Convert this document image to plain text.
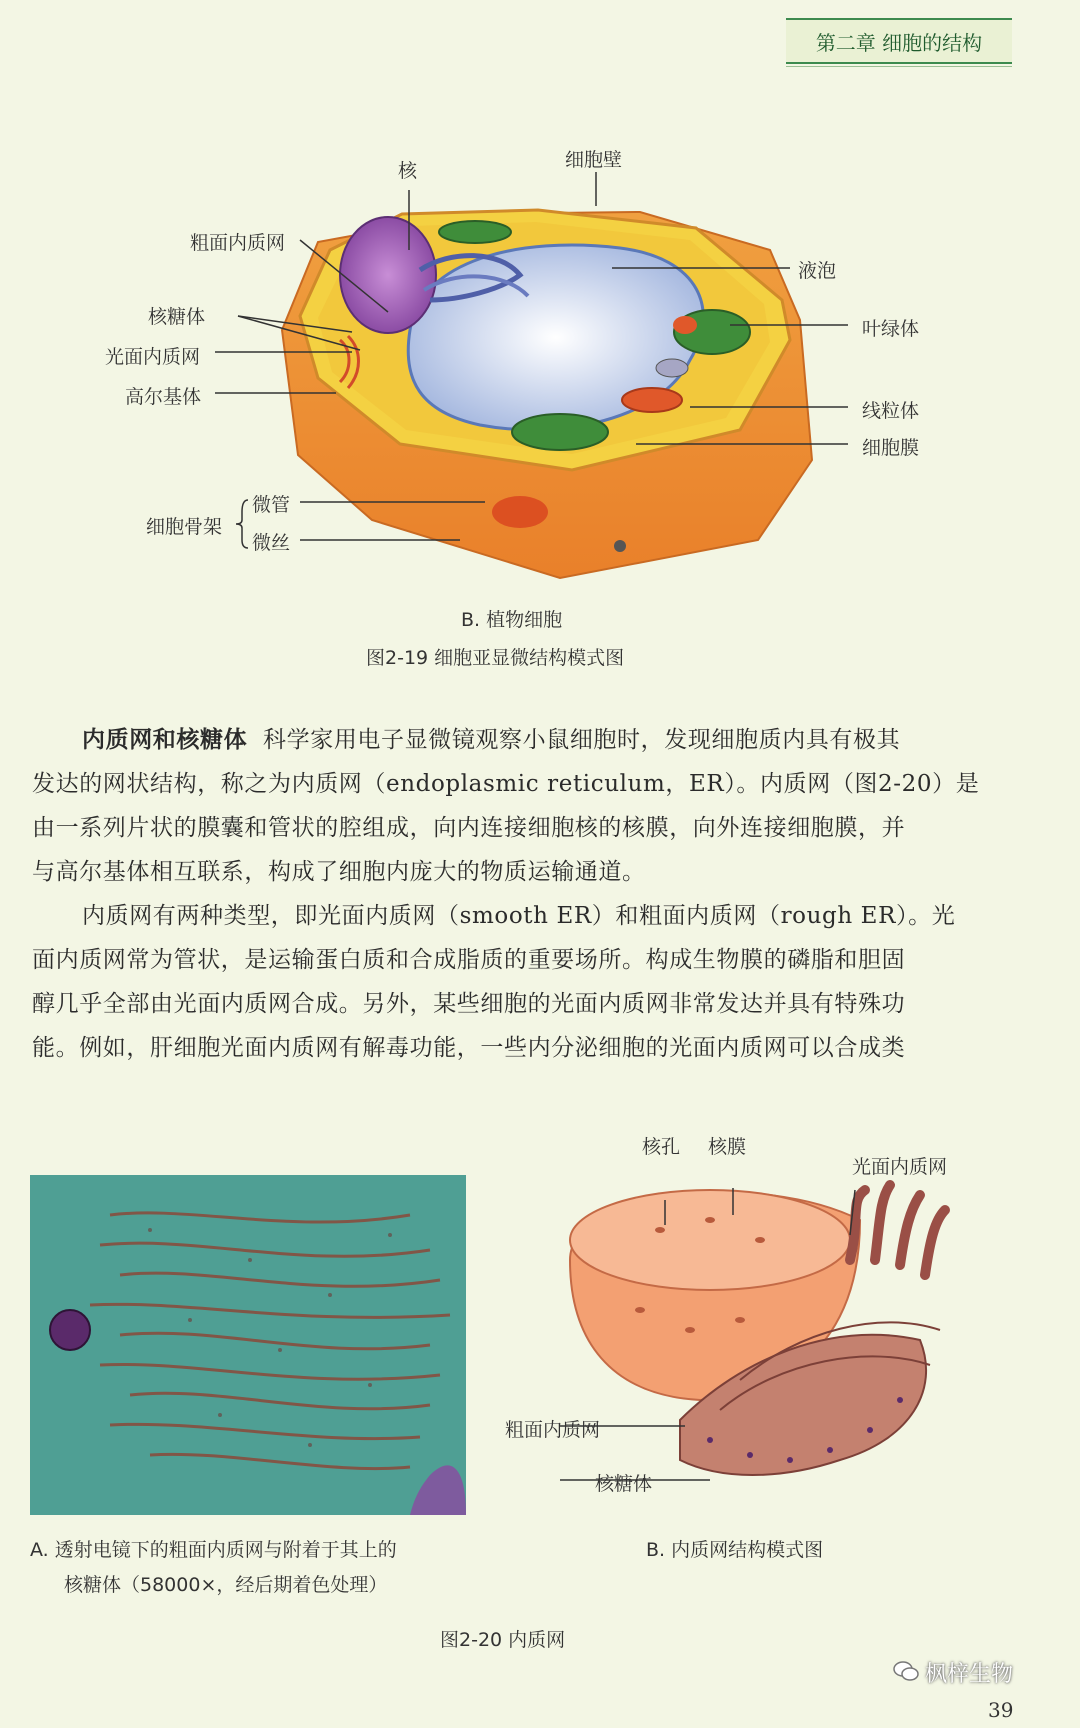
第二章 细胞的结构
核	细胞壁
粗面内质网
液泡
核糖体
叶绿体
光面内质网
高尔基体
线粒体
细胞膜
细胞骨架
微管
微丝
B. 植物细胞
图2-19 细胞亚显微结构模式图
内质网和核糖体 科学家用电子显微镜观察小鼠细胞时，发现细胞质内具有极其
发达的网状结构，称之为内质网（endoplasmic reticulum，ER）。内质网（图2-20）是
由一系列片状的膜囊和管状的腔组成，向内连接细胞核的核膜，向外连接细胞膜，并
与高尔基体相互联系，构成了细胞内庞大的物质运输通道。
内质网有两种类型，即光面内质网（smooth ER）和粗面内质网（rough ER）。光
面内质网常为管状，是运输蛋白质和合成脂质的重要场所。构成生物膜的磷脂和胆固
醇几乎全部由光面内质网合成。另外，某些细胞的光面内质网非常发达并具有特殊功
能。例如，肝细胞光面内质网有解毒功能，一些内分泌细胞的光面内质网可以合成类
A. 透射电镜下的粗面内质网与附着于其上的
核糖体（58000×，经后期着色处理）
核孔 核膜
光面内质网
粗面内质网
核糖体
B. 内质网结构模式图
图2-20 内质网
枫梓生物
39
